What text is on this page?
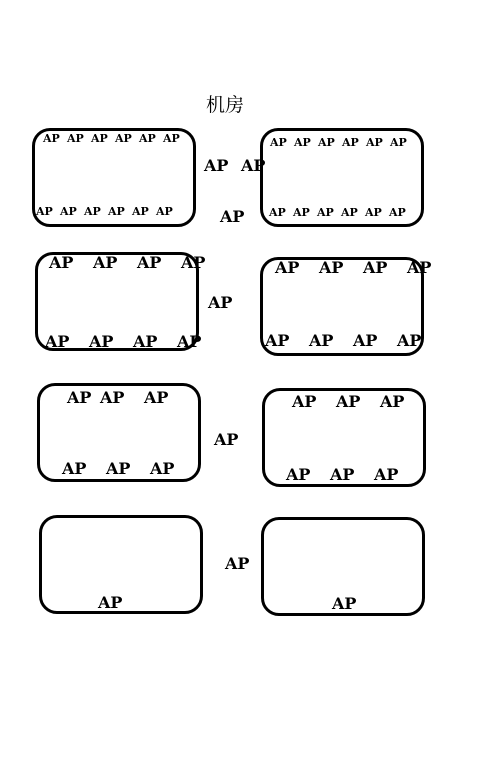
机房
AP AP AP AP AP AP
AP AP AP AP AP AP
AP AP AP AP AP AP
AP AP AP AP AP AP
AP AP
AP
AP AP AP AP
AP AP AP AP
AP
AP AP AP AP
AP AP AP AP
AP AP AP
AP AP AP
AP
AP AP AP
AP AP AP
AP
AP	AP
